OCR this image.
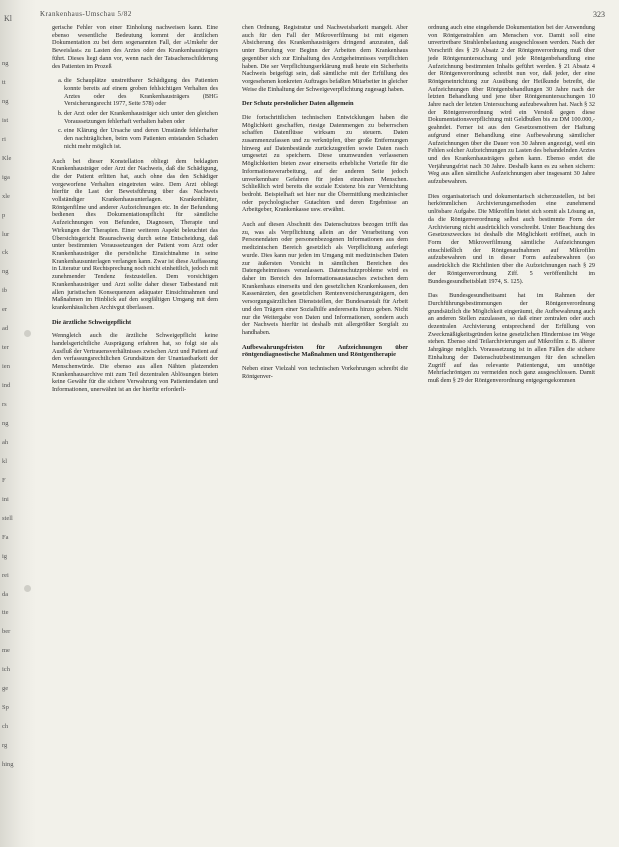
Kl
ng
tt
ng
ist
ri
Kle
iga
xle
p
lur
ck
ng
ib
er
ad
ter
ien
ind
rs
ng
ah
kl
F
ini
stell
Fa
ig
rei
da
tte
ber
me
ich
ge
Sp
ch
rg
hing
Krankenhaus-Umschau 5/82	323

gerische Fehler von einer Einholung nachweisen kann. Eine ebenso wesentliche Bedeutung kommt der ärztlichen Dokumentation zu bei dem sogenannten Fall, der »Umkehr der Beweislast« zu Lasten des Arztes oder des Krankenhausträgers führt. Dieses liegt dann vor, wenn nach der Tatsachenschilderung des Patienten im Prozeß

a. die Schauplätze unstreitbarer Schädigung des Patienten konnte bereits auf einem groben fehlsichtigen Verhalten des Arztes oder des Krankenhausträgers (BHG Versicherungsrecht 1977, Seite 578) oder
b. der Arzt oder der Krankenhausträger sich unter den gleichen Voraussetzungen fehlerhaft verhalten haben oder
c. eine Klärung der Ursache und deren Umstände fehlerhafter den nachträglichen, beim vom Patienten entstanden Schaden nicht mehr möglich ist.

Auch bei dieser Konstellation obliegt dem beklagten Krankenhausträger oder Arzt der Nachweis, daß die Schädigung, die der Patient erlitten hat, auch ohne das den Schädiger vorgeworfene Verhalten eingetreten wäre. Dem Arzt obliegt hierfür die Last der Beweisführung über das Nachweis vollständiger Krankenhausunterlagen. Krankenblätter, Röntgenfilme und anderer Aufzeichnungen etc. In der Befundung bedienen dies Dokumentationspflicht für sämtliche Aufzeichnungen von Befunden, Diagnosen, Therapie und Wirkungen der Therapien. Einer weiteren Aspekt beleuchtet das Übersichtsgericht Braunschweig durch seine Entscheidung, daß unter bestimmten Voraussetzungen der Patient vom Arzt oder Krankenhausträger die persönliche Einsichtnahme in seine Krankenhausunterlagen verlangen kann. Zwar ist diese Auffassung in Literatur und Rechtsprechung noch nicht einheitlich, jedoch mit zunehmender Tendenz festzustellen. Dem vorsichtigen Krankenhausträger und Arzt sollte daher dieser Tatbestand mit allen juristischen Konsequenzen adäquater Einsichtnahmen und Maßnahmen im Hinblick auf den sorgfältigen Umgang mit dem krankenhäuslichen Archivgut überlassen.

Die ärztliche Schweigepflicht

Wenngleich auch die ärztliche Schweigepflicht keine handelsgerichtliche Ausprägung erfahren hat, so folgt sie als Ausfluß der Vertrauensverhältnisses zwischen Arzt und Patient auf den verfassungsrechtlichen Grundsätzen der Unantastbarkeit der Menschenwürde. Die ebenso aus allen Nähten platzenden Krankenhausarchive mit zum Teil dezentralen Ablösungen bieten keine Gewähr für die sichere Verwahrung von Patientendaten und Informationen, unerwähnt ist an der hierfür erforderli-

chen Ordnung, Registratur und Nachweisbarkeit mangelt. Aber auch für den Fall der Mikroverfilmung ist mit eigenen Absicherung des Krankenhausträgers dringend anzuraten, daß unter Berufung vor Beginn der Arbeiten dem Krankenhaus gegenüber sich zur Einhaltung des Arztgeheimnisses verpflichten haben. Die ser Verpflichtungserklärung muß heute ein Sicherheits Nachweis beigefügt sein, daß sämtliche mit der Erfüllung des vorgesehenen konkreten Auftrages befaßten Mitarbeiter in gleicher Weise die Einhaltung der Schweigeverpflichtung zugesagt haben.

Der Schutz persönlicher Daten allgemein

Die fortschrittlichen technischen Entwicklungen haben die Möglichkeit geschaffen, riesige Datenmengen zu beherrschen schaffen Datenflüsse wirksam zu steuern. Daten zusammenzufassen und zu verknüpfen, über große Entfernungen hinweg auf Datenbestände zurückzugreifen sowie Daten rasch umgesetzt zu speichern. Diese unumwunden verlassenen Möglichkeiten bieten zwar einerseits erhebliche Vorteile für die Informationsverarbeitung, auf der anderen Seite jedoch unverkennbare Gefahren für jeden einzelnen Menschen. Schließlich wird bereits die soziale Existenz bis zur Vernichtung bedroht. Beispielhaft sei hier nur die Übermittlung medizinischer oder psychologischer Gutachten und deren Ergebnisse an Arbeitgeber, Krankenkasse usw. erwähnt.

Auch auf diesen Abschnitt des Datenschutzes bezogen trifft das zu, was als Verpflichtung allein an der Verarbeitung von Personendaten oder personenbezogenen Informationen aus dem medizinischen Bereich gesetzlich als Verpflichtung auferlegt wurde. Dies kann nur jeden im Umgang mit medizinischen Daten zur äußersten Vorsicht in sämtlichen Bereichen des Datengeheimnisses veranlassen. Datenschutzprobleme wird es daher im Bereich des Informationsaustausches zwischen dem Krankenhaus einerseits und den gesetzlichen Krankenkassen, den Kassenärzten, den gesetzlichen Rentenversicherungsträgern, den versorgungsärztlichen Dienststellen, der Bundesanstalt für Arbeit und den Trägern einer Sozialhilfe andererseits hinzu geben. Nicht nur die Weitergabe von Daten und Informationen, sondern auch der Nachweis hierfür ist deshalb mit allergrößter Sorgfalt zu handhaben.

Aufbewahrungsfristen für Aufzeichnungen über röntgendiagnostische Maßnahmen und Röntgentherapie

Neben einer Vielzahl von technischen Vorkehrungen schreibt die Röntgenver-

ordnung auch eine eingehende Dokumentation bei der Anwendung von Röntgenstrahlen am Menschen vor. Damit soll eine unvertretbare Strahlenbelastung ausgeschlossen werden. Nach der Vorschrift des § 29 Absatz 2 der Röntgenverordnung muß über jede Röntgenuntersuchung und jede Röntgenbehandlung eine Aufzeichnung bestimmten Inhalts geführt werden. § 21 Absatz 4 der Röntgenverordnung schreibt nun vor, daß jeder, der eine Röntgeneinrichtung zur Ausübung der Heilkunde betreibt, die Aufzeichnungen über Röntgenbehandlungen 30 Jahre nach der letzten Behandlung und jene über Röntgenuntersuchungen 10 Jahre nach der letzten Untersuchung aufzubewahren hat. Nach § 32 der Röntgenverordnung wird ein Verstoß gegen diese Dokumentationsverpflichtung mit Geldbußen bis zu DM 100.000,- geahndet. Ferner ist aus den Gesetzesmotiven der Haftung aufgrund einer Behandlung eine Aufbewahrung sämtlicher Aufzeichnungen über die Dauer von 30 Jahren angezeigt, weil ein Fehlen solcher Aufzeichnungen zu Lasten des behandelnden Arztes und des Krankenhausträgers gehen kann. Ebenso endet die Verjährungsfrist nach 30 Jahre. Deshalb kann es zu sehen sichern: Weg aus allen sämtliche Aufzeichnungen aber insgesamt 30 Jahre aufzubewahren.

Dies organisatorisch und dokumentarisch sicherzustellen, ist bei herkömmlichen Archivierungsmethoden eine zunehmend unlösbare Aufgabe. Die Mikrofilm bietet sich somit als Lösung an, da die Röntgenverordnung selbst auch bestimmte Form der Archivierung nicht ausdrücklich vorschreibt. Unter Beachtung des Gesetzeszweckes ist deshalb die Möglichkeit eröffnet, auch in Form der Mikroverfilmung sämtliche Aufzeichnungen einschließlich der Röntgenaufnahmen auf Mikrofilm aufzubewahren und in dieser Form aufzubewahren (so ausdrücklich die Richtlinien über die Aufzeichnungen nach § 29 der Röntgenverordnung Ziff. 5 veröffentlicht im Bundesgesundheitsblatt 1974, S. 125).

Das Bundesgesundheitsamt hat im Rahmen der Durchführungsbestimmungen der Röntgenverordnung grundsätzlich die Möglichkeit eingeräumt, die Aufbewahrung auch an anderen Stellen zuzulassen, so daß einer zentralen oder auch dezentralen Archivierung entsprechend der Erfüllung von Zweckmäßigkeitsgründen keine gesetzlichen Hindernisse im Wege stehen. Ebenso sind Teilarchivierungen auf Mikrofilm z. B. älterer Jahrgänge möglich. Voraussetzung ist in allen Fällen die sichere Einhaltung der Datenschutzbestimmungen für den schnellen Zugriff auf das relevante Patientengut, um unnötige Mehrfachröntgen zu vermeiden noch ganz ausgeschlossen. Damit muß dem § 29 der Röntgenverordnung entgegengekommen
